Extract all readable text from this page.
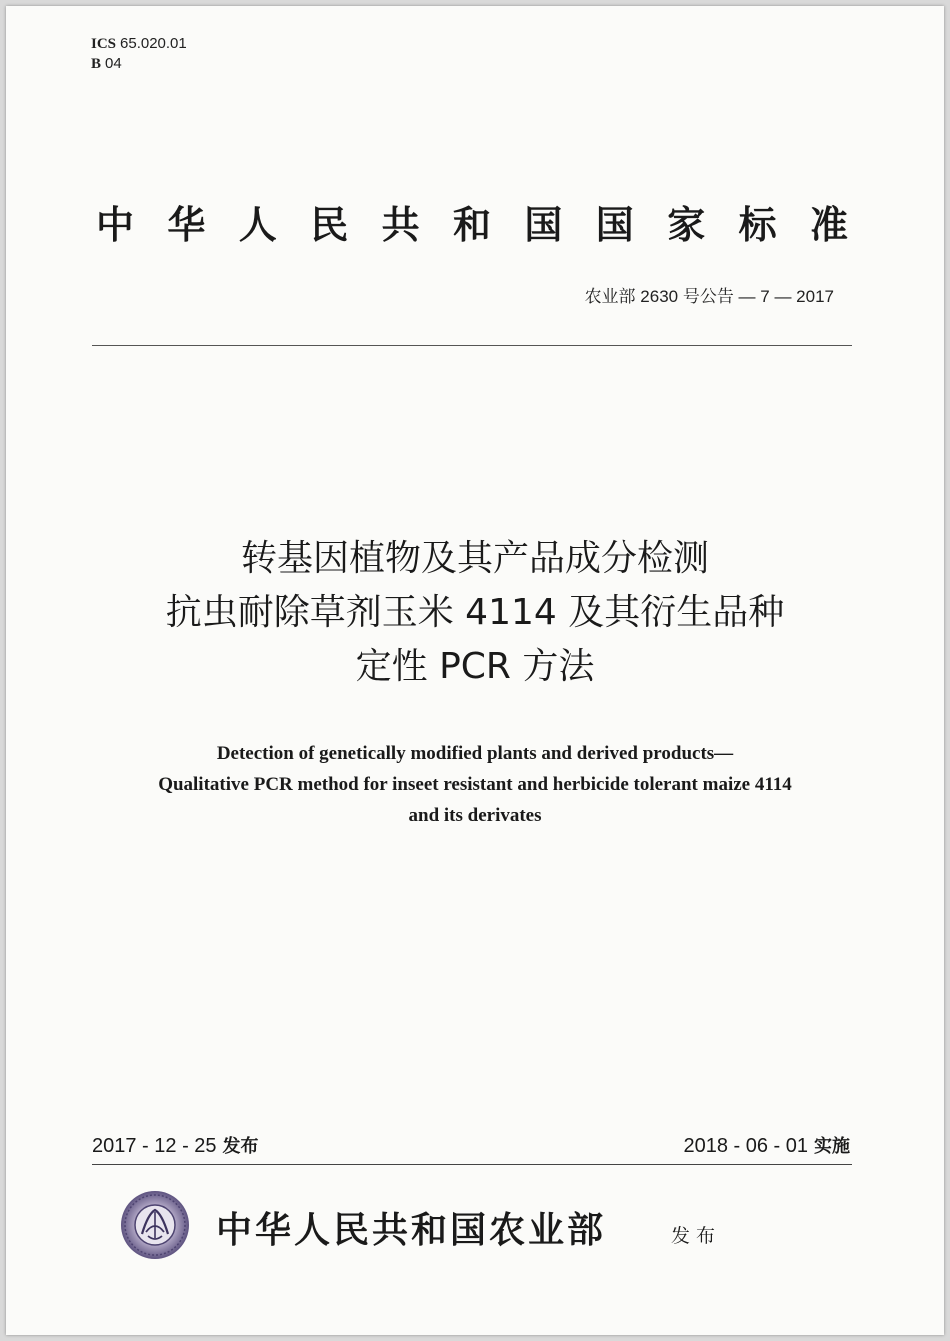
ICS 65.020.01
B 04
中华人民共和国国家标准
农业部 2630 号公告 — 7 — 2017
转基因植物及其产品成分检测
抗虫耐除草剂玉米 4114 及其衍生品种
定性 PCR 方法
Detection of genetically modified plants and derived products—
Qualitative PCR method for inseet resistant and herbicide tolerant maize 4114
and its derivates
2017 - 12 - 25 发布	2018 - 06 - 01 实施
中华人民共和国农业部	发布
